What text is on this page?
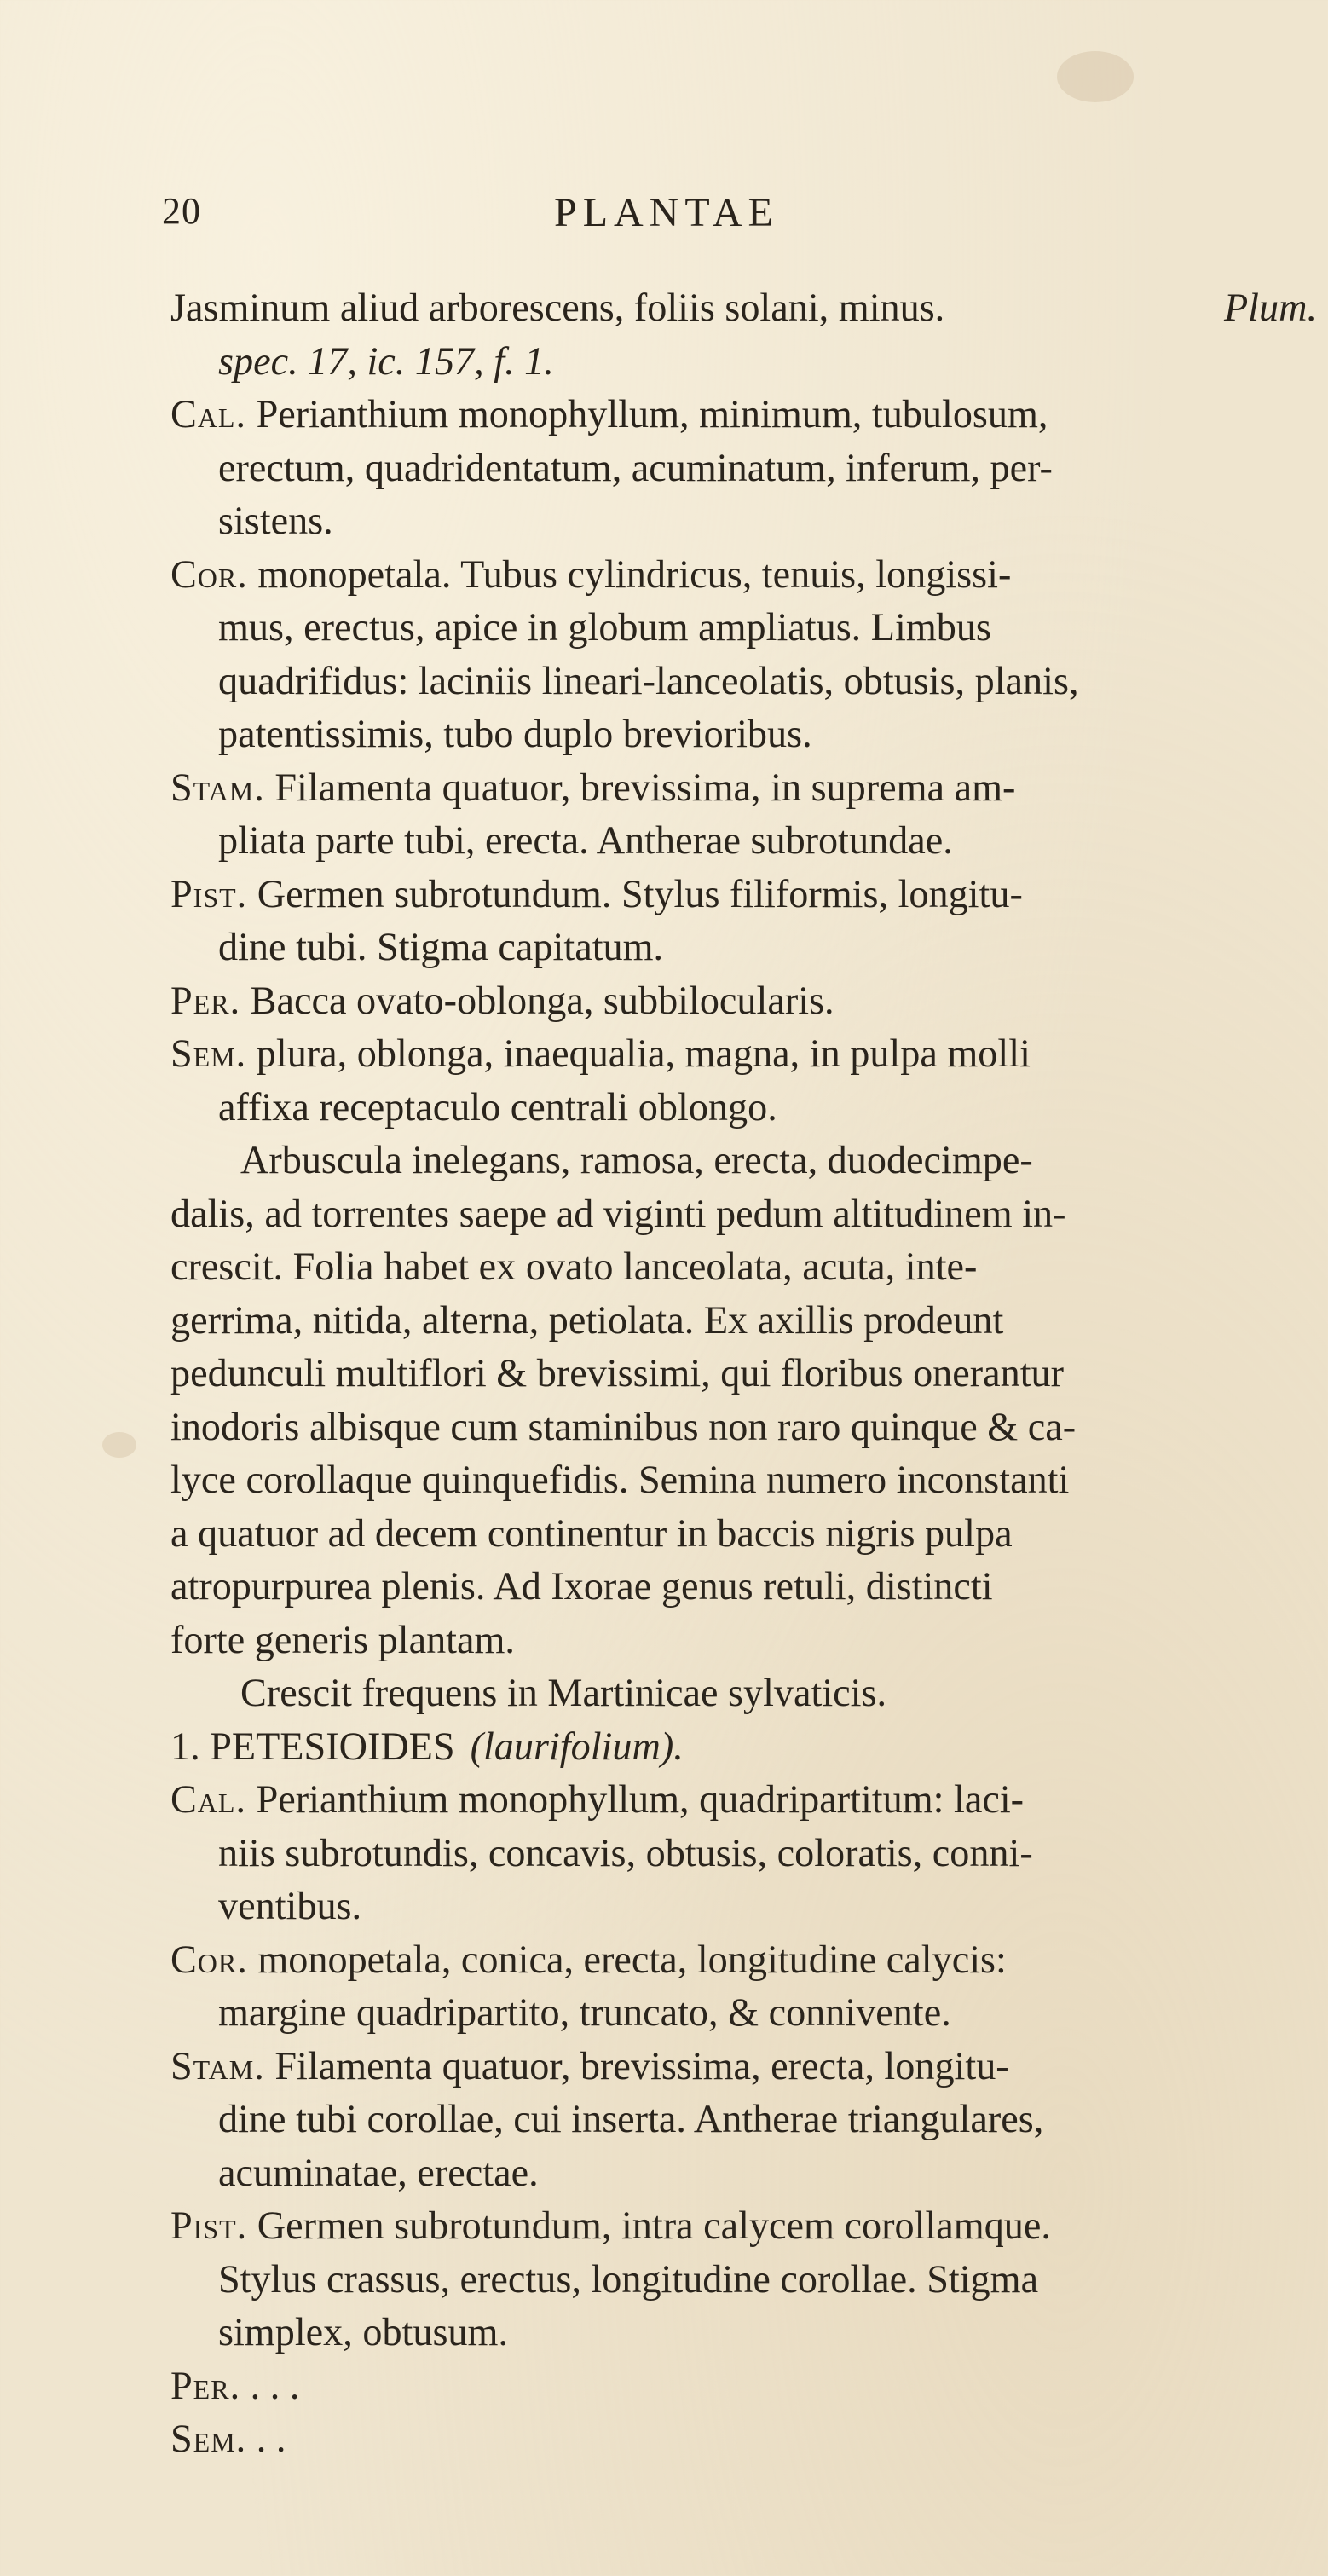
20	PLANTAE
Jasminum aliud arborescens, foliis solani, minus.	Plum.
spec. 17, ic. 157, f. 1.
Cal. Perianthium monophyllum, minimum, tubulosum,
erectum, quadridentatum, acuminatum, inferum, per-
sistens.
Cor. monopetala. Tubus cylindricus, tenuis, longissi-
mus, erectus, apice in globum ampliatus. Limbus
quadrifidus: laciniis lineari-lanceolatis, obtusis, planis,
patentissimis, tubo duplo brevioribus.
Stam. Filamenta quatuor, brevissima, in suprema am-
pliata parte tubi, erecta. Antherae subrotundae.
Pist. Germen subrotundum. Stylus filiformis, longitu-
dine tubi. Stigma capitatum.
Per. Bacca ovato-oblonga, subbilocularis.
Sem. plura, oblonga, inaequalia, magna, in pulpa molli
affixa receptaculo centrali oblongo.
Arbuscula inelegans, ramosa, erecta, duodecimpe-
dalis, ad torrentes saepe ad viginti pedum altitudinem in-
crescit. Folia habet ex ovato lanceolata, acuta, inte-
gerrima, nitida, alterna, petiolata. Ex axillis prodeunt
pedunculi multiflori & brevissimi, qui floribus onerantur
inodoris albisque cum staminibus non raro quinque & ca-
lyce corollaque quinquefidis. Semina numero inconstanti
a quatuor ad decem continentur in baccis nigris pulpa
atropurpurea plenis. Ad Ixorae genus retuli, distincti
forte generis plantam.
Crescit frequens in Martinicae sylvaticis.
1. PETESIOIDES (laurifolium).
Cal. Perianthium monophyllum, quadripartitum: laci-
niis subrotundis, concavis, obtusis, coloratis, conni-
ventibus.
Cor. monopetala, conica, erecta, longitudine calycis:
margine quadripartito, truncato, & connivente.
Stam. Filamenta quatuor, brevissima, erecta, longitu-
dine tubi corollae, cui inserta. Antherae triangulares,
acuminatae, erectae.
Pist. Germen subrotundum, intra calycem corollamque.
Stylus crassus, erectus, longitudine corollae. Stigma
simplex, obtusum.
Per. . . .
Sem. . .
